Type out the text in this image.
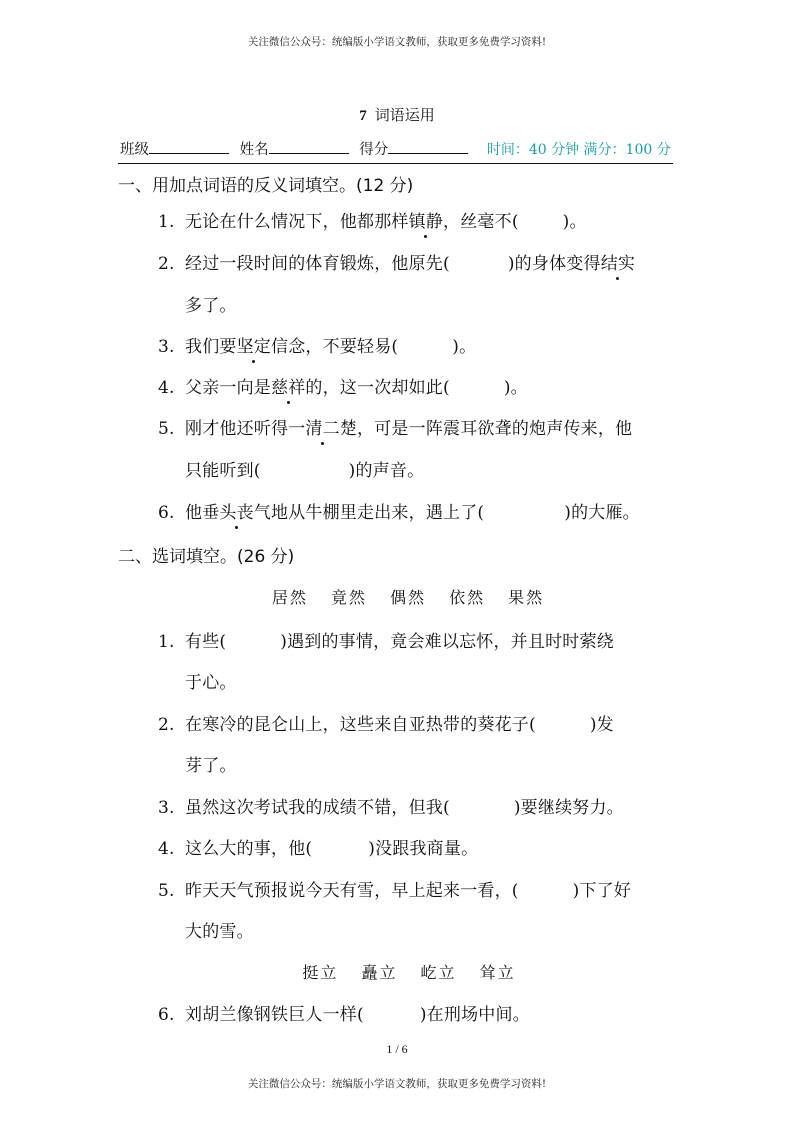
关注微信公众号：统编版小学语文教师，获取更多免费学习资料!
7 词语运用
班级	姓名	得分	时间：40 分钟 满分：100 分
一、用加点词语的反义词填空。(12 分)
1. 无论在什么情况下，他都那样镇静，丝毫不(	)。
2. 经过一段时间的体育锻炼，他原先(	)的身体变得结实
多了。
3. 我们要坚定信念，不要轻易(	)。
4. 父亲一向是慈祥的，这一次却如此(	)。
5. 刚才他还听得一清二楚，可是一阵震耳欲聋的炮声传来，他
只能听到(	)的声音。
6. 他垂头丧气地从牛棚里走出来，遇上了(	)的大雁。
二、选词填空。(26 分)
居然 竟然 偶然 依然 果然
1. 有些(	)遇到的事情，竟会难以忘怀，并且时时萦绕
于心。
2. 在寒冷的昆仑山上，这些来自亚热带的葵花子(	)发
芽了。
3. 虽然这次考试我的成绩不错，但我(	)要继续努力。
4. 这么大的事，他(	)没跟我商量。
5. 昨天天气预报说今天有雪，早上起来一看，(	)下了好
大的雪。
挺立 矗立 屹立 耸立
6. 刘胡兰像钢铁巨人一样(	)在刑场中间。
1 / 6
关注微信公众号：统编版小学语文教师，获取更多免费学习资料!
